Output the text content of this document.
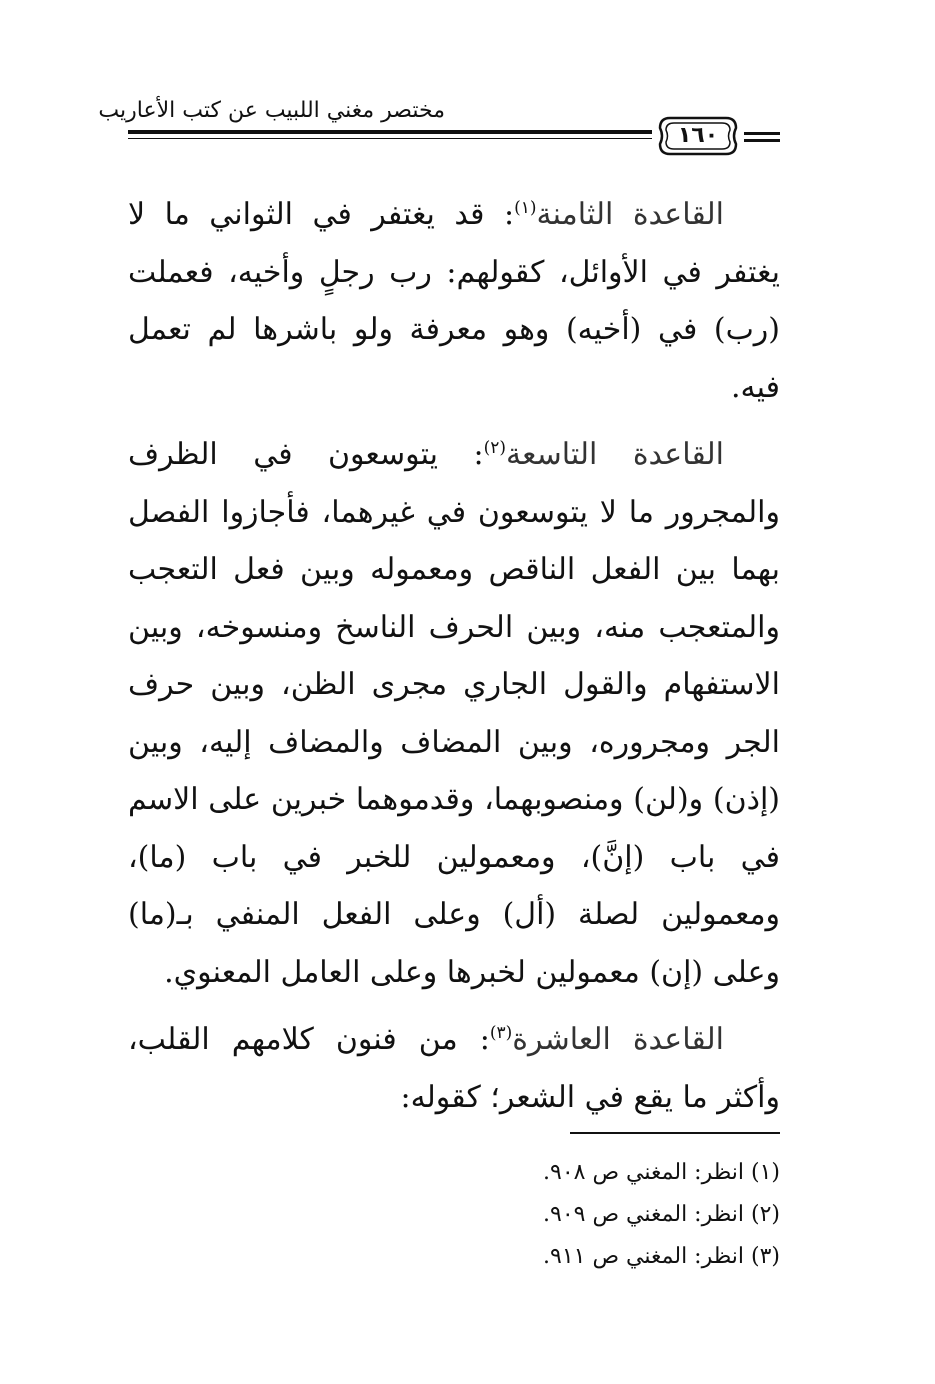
مختصر مغني اللبيب عن كتب الأعاريب
١٦٠

القاعدة الثامنة$^{(١)}$: قد يغتفر في الثواني ما لا يغتفر في الأوائل، كقولهم: رب رجلٍ وأخيه، فعملت (رب) في (أخيه) وهو معرفة ولو باشرها لم تعمل فيه.

القاعدة التاسعة$^{(٢)}$: يتوسعون في الظرف والمجرور ما لا يتوسعون في غيرهما، فأجازوا الفصل بهما بين الفعل الناقص ومعموله وبين فعل التعجب والمتعجب منه، وبين الحرف الناسخ ومنسوخه، وبين الاستفهام والقول الجاري مجرى الظن، وبين حرف الجر ومجروره، وبين المضاف والمضاف إليه، وبين (إذن) و(لن) ومنصوبهما، وقدموهما خبرين على الاسم في باب (إنَّ)، ومعمولين للخبر في باب (ما)، ومعمولين لصلة (أل) وعلى الفعل المنفي بـ(ما) وعلى (إن) معمولين لخبرها وعلى العامل المعنوي.

القاعدة العاشرة$^{(٣)}$: من فنون كلامهم القلب، وأكثر ما يقع في الشعر؛ كقوله:

(١) انظر: المغني ص ٩٠٨.
(٢) انظر: المغني ص ٩٠٩.
(٣) انظر: المغني ص ٩١١.
